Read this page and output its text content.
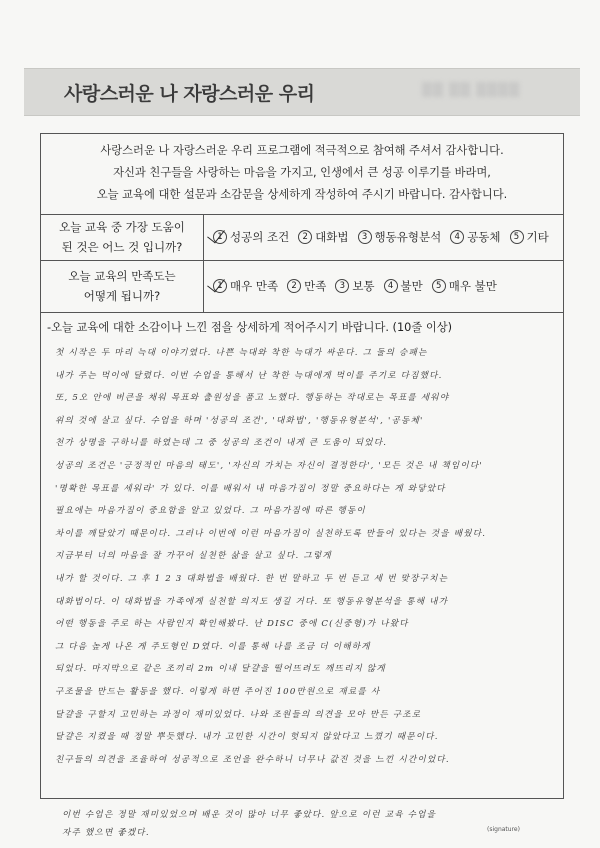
사랑스러운 나 자랑스러운 우리	▒▒ ▒▒ ▒▒▒▒
사랑스러운 나 자랑스러운 우리 프로그램에 적극적으로 참여해 주셔서 감사합니다.
자신과 친구들을 사랑하는 마음을 가지고, 인생에서 큰 성공 이루기를 바라며,
오늘 교육에 대한 설문과 소감문을 상세하게 작성하여 주시기 바랍니다. 감사합니다.
오늘 교육 중 가장 도움이
된 것은 어느 것 입니까?
1 성공의 조건	2 대화법	3 행동유형분석	4 공동체	5 기타
오늘 교육의 만족도는
어떻게 됩니까?
1 매우 만족	2 만족	3 보통	4 불만	5 매우 불만
-오늘 교육에 대한 소감이나 느낀 점을 상세하게 적어주시기 바랍니다. (10줄 이상)
첫 시작은 두 마리 늑대 이야기였다. 나쁜 늑대와 착한 늑대가 싸운다. 그 둘의 승패는
내가 주는 먹이에 달렸다. 이번 수업을 통해서 난 착한 늑대에게 먹이를 주기로 다짐했다.
또, 5오 안에 버큰을 채워 목표와 출원성을 품고 노했다. 행동하는 작대로는 목표를 세워야
위의 것에 살고 싶다. 수업을 하며 '성공의 조건', '대화법', '행동유형분석', '공동체'
천가 상명을 구하니를 하였는데 그 중 성공의 조건이 내게 큰 도움이 되었다.
성공의 조건은 '긍정적인 마음의 태도', '자신의 가치는 자신이 결정한다', '모든 것은 내 책임이다'
'명확한 목표를 세워라' 가 있다. 이를 배워서 내 마음가짐이 정말 중요하다는 게 와닿았다
필요에는 마음가짐이 중요함을 알고 있었다. 그 마음가짐에 따른 행동이
차이를 깨달았기 때문이다. 그러나 이번에 이런 마음가짐이 실천하도록 만들어 있다는 것을 배웠다.
지금부터 너의 마음을 잘 가꾸어 실천한 삶을 살고 싶다. 그렇게
내가 할 것이다. 그 후 1 2 3 대화법을 배웠다. 한 번 말하고 두 번 듣고 세 번 맞장구치는
대화법이다. 이 대화법을 가족에게 실천할 의지도 생길 거다. 또 행동유형분석을 통해 내가
어떤 행동을 주로 하는 사람인지 확인해봤다. 난 DISC 중에 C(신중형)가 나왔다
그 다음 높게 나온 게 주도형인 D였다. 이를 통해 나를 조금 더 이해하게
되었다. 마지막으로 같은 조끼리 2m 이내 달걀을 떨어뜨려도 깨뜨리지 않게
구조물을 만드는 활동을 했다. 이렇게 하면 주어진 100만원으로 재료를 사
달걀을 구할지 고민하는 과정이 재미있었다. 나와 조원들의 의견을 모아 만든 구조로
달걀은 지켰을 때 정말 뿌듯했다. 내가 고민한 시간이 헛되지 않았다고 느꼈기 때문이다.
친구들의 의견을 조율하여 성공적으로 조언을 완수하니 너무나 값진 것을 느낀 시간이었다.
이번 수업은 정말 재미있었으며 배운 것이 많아 너무 좋았다. 앞으로 이런 교육 수업을
자주 했으면 좋겠다.	(signature)
